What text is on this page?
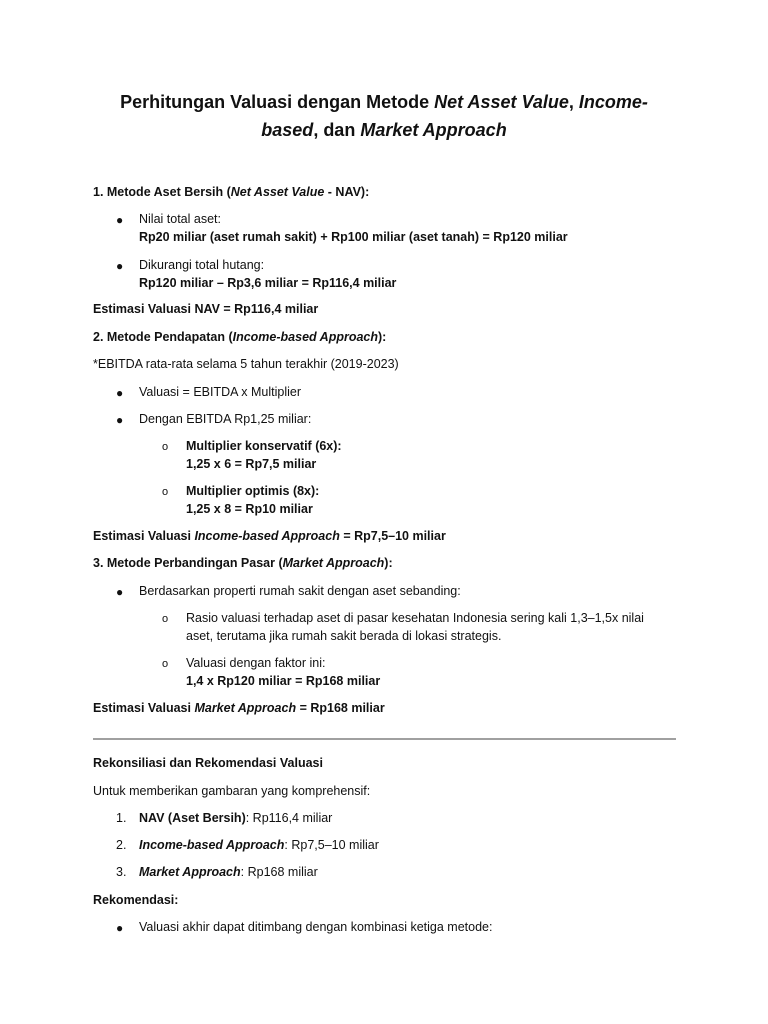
Perhitungan Valuasi dengan Metode Net Asset Value, Income-
based, dan Market Approach

1. Metode Aset Bersih (Net Asset Value - NAV):

● Nilai total aset:
Rp20 miliar (aset rumah sakit) + Rp100 miliar (aset tanah) = Rp120 miliar

● Dikurangi total hutang:
Rp120 miliar – Rp3,6 miliar = Rp116,4 miliar

Estimasi Valuasi NAV = Rp116,4 miliar

2. Metode Pendapatan (Income-based Approach):

*EBITDA rata-rata selama 5 tahun terakhir (2019-2023)

● Valuasi = EBITDA x Multiplier

● Dengan EBITDA Rp1,25 miliar:

o Multiplier konservatif (6x):
1,25 x 6 = Rp7,5 miliar

o Multiplier optimis (8x):
1,25 x 8 = Rp10 miliar

Estimasi Valuasi Income-based Approach = Rp7,5–10 miliar

3. Metode Perbandingan Pasar (Market Approach):

● Berdasarkan properti rumah sakit dengan aset sebanding:

o Rasio valuasi terhadap aset di pasar kesehatan Indonesia sering kali 1,3–1,5x nilai
aset, terutama jika rumah sakit berada di lokasi strategis.

o Valuasi dengan faktor ini:
1,4 x Rp120 miliar = Rp168 miliar

Estimasi Valuasi Market Approach = Rp168 miliar

Rekonsiliasi dan Rekomendasi Valuasi

Untuk memberikan gambaran yang komprehensif:

1. NAV (Aset Bersih): Rp116,4 miliar

2. Income-based Approach: Rp7,5–10 miliar

3. Market Approach: Rp168 miliar

Rekomendasi:

● Valuasi akhir dapat ditimbang dengan kombinasi ketiga metode:
